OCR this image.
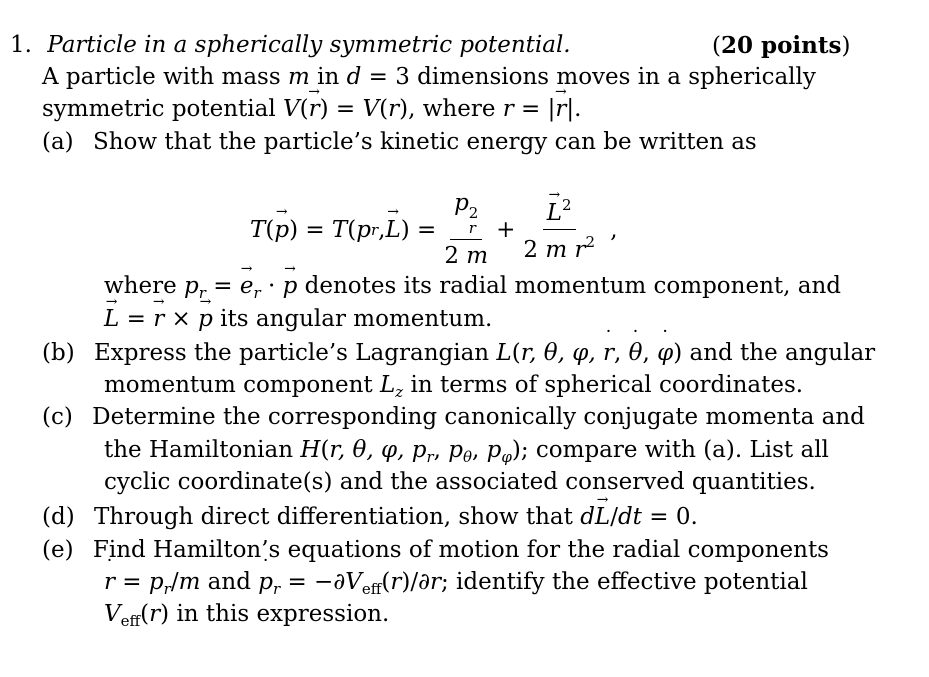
1. Particle in a spherically symmetric potential.	(20 points)
A particle with mass m in d = 3 dimensions moves in a spherically
symmetric potential V(→ r) = V(r), where r = |→ r|.
(a) Show that the particle’s kinetic energy can be written as
T ( → p ) = T ( p r , → L ) = p 2
r
2 m + → $\frac{L^2}{2 m r^2}$ ,
where $p_r$ = → $e_r$ · → p denotes its radial momentum component, and
→ L = → r × → p its angular momentum.
(b) Express the particle’s Lagrangian L(r, θ, φ, ˙ r, ˙ θ, ˙ φ) and the angular
momentum component $L_z$ in terms of spherical coordinates.
(c) Determine the corresponding canonically conjugate momenta and
the Hamiltonian H(r, θ, φ, $p_r$, $p_\theta$, $p_\varphi$); compare with (a). List all
cyclic coordinate(s) and the associated conserved quantities.
(d) Through direct differentiation, show that d→ L/dt = 0.
(e) Find Hamilton’s equations of motion for the radial components
˙ $r = p_r/m$ and ˙ $p_r = -\partial V_{eff}(r)/\partial r$; identify the effective potential
$V_{eff}(r)$ in this expression.
